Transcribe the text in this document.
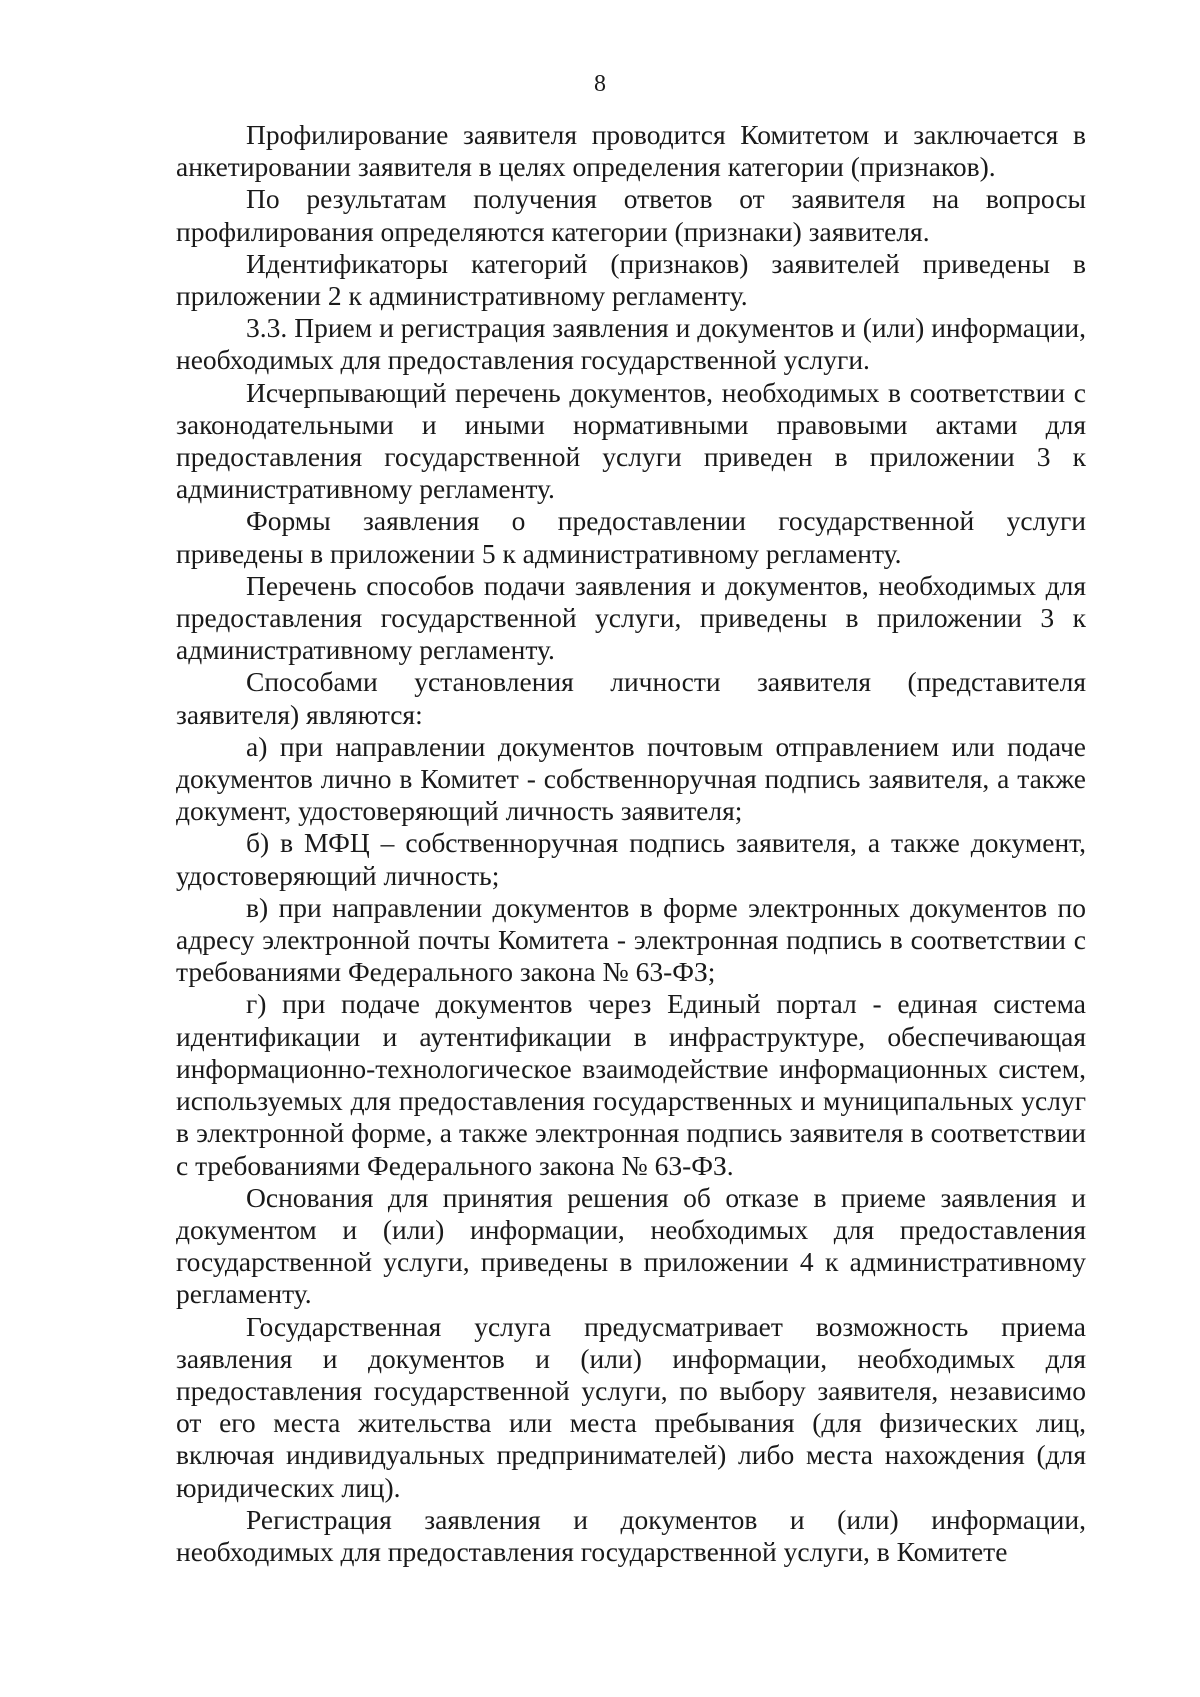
8

Профилирование заявителя проводится Комитетом и заключается в анкетировании заявителя в целях определения категории (признаков).

По результатам получения ответов от заявителя на вопросы профилирования определяются категории (признаки) заявителя.

Идентификаторы категорий (признаков) заявителей приведены в приложении 2 к административному регламенту.

3.3. Прием и регистрация заявления и документов и (или) информации, необходимых для предоставления государственной услуги.

Исчерпывающий перечень документов, необходимых в соответствии с законодательными и иными нормативными правовыми актами для предоставления государственной услуги приведен в приложении 3 к административному регламенту.

Формы заявления о предоставлении государственной услуги приведены в приложении 5 к административному регламенту.

Перечень способов подачи заявления и документов, необходимых для предоставления государственной услуги, приведены в приложении 3 к административному регламенту.

Способами установления личности заявителя (представителя заявителя) являются:

а) при направлении документов почтовым отправлением или подаче документов лично в Комитет - собственноручная подпись заявителя, а также документ, удостоверяющий личность заявителя;

б) в МФЦ – собственноручная подпись заявителя, а также документ, удостоверяющий личность;

в) при направлении документов в форме электронных документов по адресу электронной почты Комитета - электронная подпись в соответствии с требованиями Федерального закона № 63-ФЗ;

г) при подаче документов через Единый портал - единая система идентификации и аутентификации в инфраструктуре, обеспечивающая информационно-технологическое взаимодействие информационных систем, используемых для предоставления государственных и муниципальных услуг в электронной форме, а также электронная подпись заявителя в соответствии с требованиями Федерального закона № 63-ФЗ.

Основания для принятия решения об отказе в приеме заявления и документом и (или) информации, необходимых для предоставления государственной услуги, приведены в приложении 4 к административному регламенту.

Государственная услуга предусматривает возможность приема заявления и документов и (или) информации, необходимых для предоставления государственной услуги, по выбору заявителя, независимо от его места жительства или места пребывания (для физических лиц, включая индивидуальных предпринимателей) либо места нахождения (для юридических лиц).

Регистрация заявления и документов и (или) информации, необходимых для предоставления государственной услуги, в Комитете
